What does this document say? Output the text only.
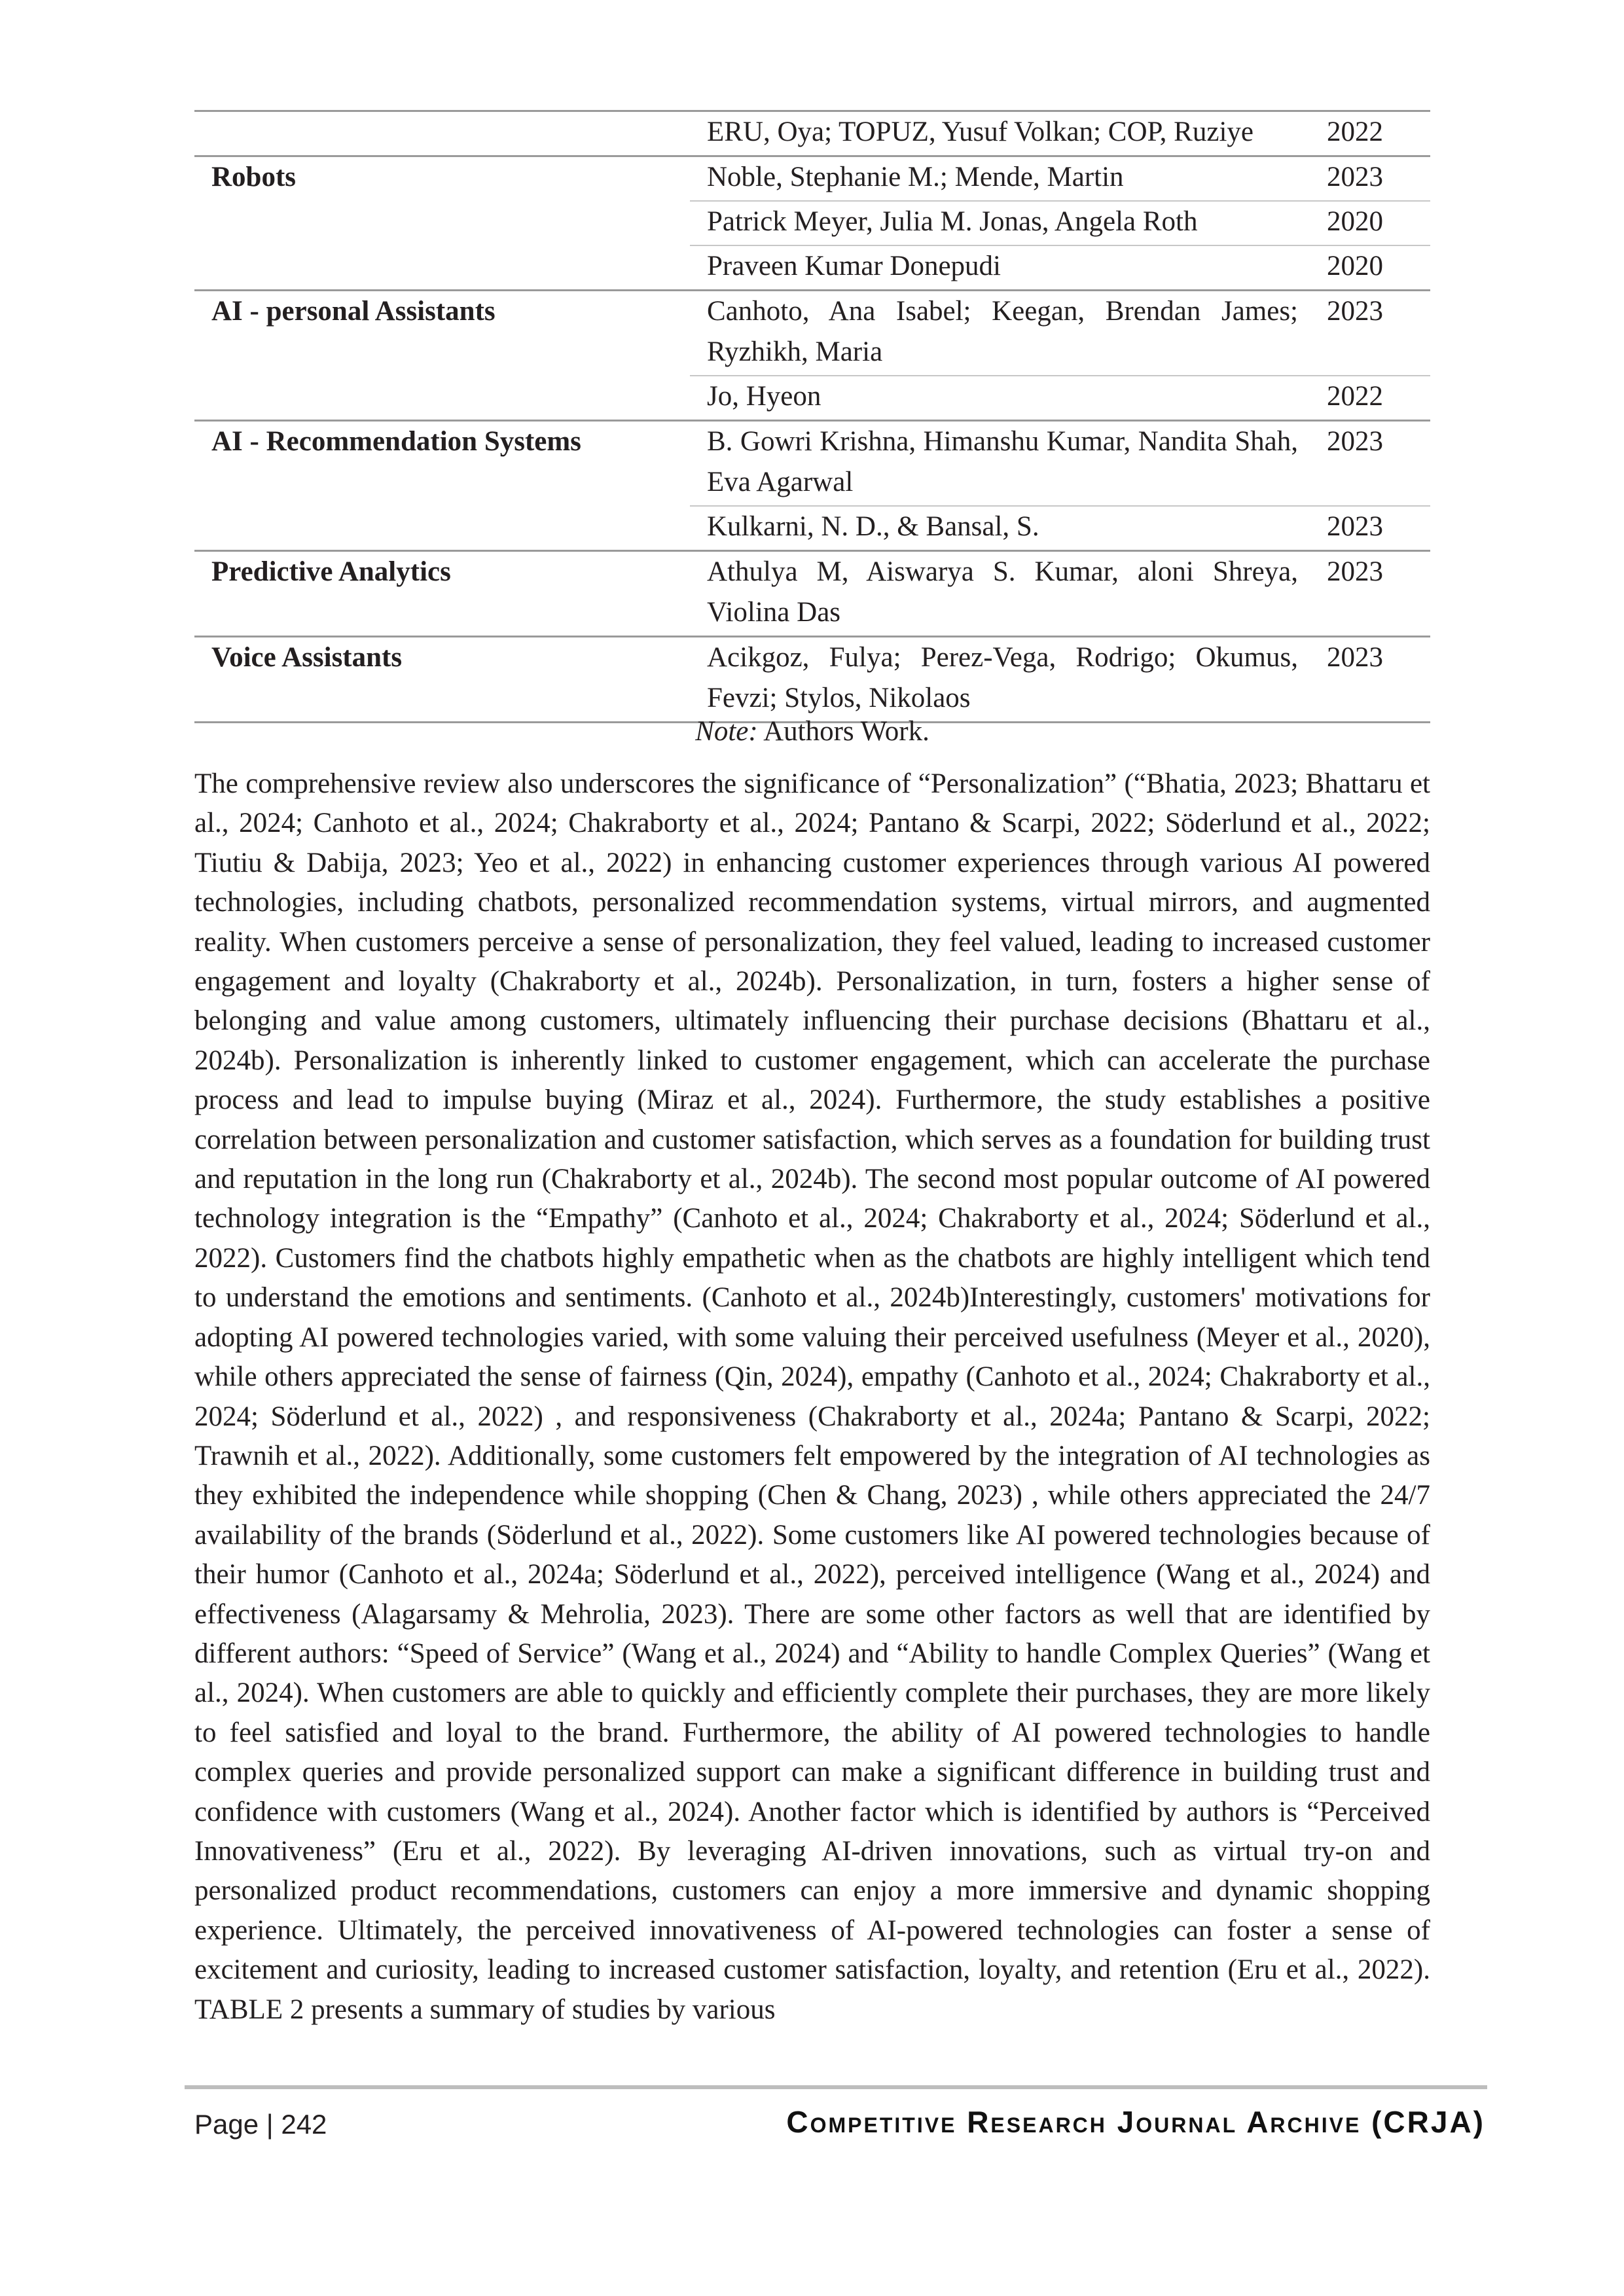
	ERU, Oya; TOPUZ, Yusuf Volkan; COP, Ruziye	2022
Robots	Noble, Stephanie M.; Mende, Martin	2023
	Patrick Meyer, Julia M. Jonas, Angela Roth	2020
	Praveen Kumar Donepudi	2020
AI - personal Assistants	Canhoto, Ana Isabel; Keegan, Brendan James; Ryzhikh, Maria	2023
	Jo, Hyeon	2022
AI - Recommendation Systems	B. Gowri Krishna, Himanshu Kumar, Nandita Shah, Eva Agarwal	2023
	Kulkarni, N. D., & Bansal, S.	2023
Predictive Analytics	Athulya M, Aiswarya S. Kumar, aloni Shreya, Violina Das	2023
Voice Assistants	Acikgoz, Fulya; Perez-Vega, Rodrigo; Okumus, Fevzi; Stylos, Nikolaos	2023
Note: Authors Work.

The comprehensive review also underscores the significance of “Personalization” (“Bhatia, 2023; Bhattaru et al., 2024; Canhoto et al., 2024; Chakraborty et al., 2024; Pantano & Scarpi, 2022; Söderlund et al., 2022; Tiutiu & Dabija, 2023; Yeo et al., 2022) in enhancing customer experiences through various AI powered technologies, including chatbots, personalized recommendation systems, virtual mirrors, and augmented reality. When customers perceive a sense of personalization, they feel valued, leading to increased customer engagement and loyalty (Chakraborty et al., 2024b). Personalization, in turn, fosters a higher sense of belonging and value among customers, ultimately influencing their purchase decisions (Bhattaru et al., 2024b). Personalization is inherently linked to customer engagement, which can accelerate the purchase process and lead to impulse buying (Miraz et al., 2024). Furthermore, the study establishes a positive correlation between personalization and customer satisfaction, which serves as a foundation for building trust and reputation in the long run (Chakraborty et al., 2024b). The second most popular outcome of AI powered technology integration is the “Empathy” (Canhoto et al., 2024; Chakraborty et al., 2024; Söderlund et al., 2022). Customers find the chatbots highly empathetic when as the chatbots are highly intelligent which tend to understand the emotions and sentiments. (Canhoto et al., 2024b)Interestingly, customers' motivations for adopting AI powered technologies varied, with some valuing their perceived usefulness (Meyer et al., 2020), while others appreciated the sense of fairness (Qin, 2024), empathy (Canhoto et al., 2024; Chakraborty et al., 2024; Söderlund et al., 2022) , and responsiveness (Chakraborty et al., 2024a; Pantano & Scarpi, 2022; Trawnih et al., 2022). Additionally, some customers felt empowered by the integration of AI technologies as they exhibited the independence while shopping (Chen & Chang, 2023) , while others appreciated the 24/7 availability of the brands (Söderlund et al., 2022). Some customers like AI powered technologies because of their humor (Canhoto et al., 2024a; Söderlund et al., 2022), perceived intelligence (Wang et al., 2024) and effectiveness (Alagarsamy & Mehrolia, 2023). There are some other factors as well that are identified by different authors: “Speed of Service” (Wang et al., 2024) and “Ability to handle Complex Queries” (Wang et al., 2024). When customers are able to quickly and efficiently complete their purchases, they are more likely to feel satisfied and loyal to the brand. Furthermore, the ability of AI powered technologies to handle complex queries and provide personalized support can make a significant difference in building trust and confidence with customers (Wang et al., 2024). Another factor which is identified by authors is “Perceived Innovativeness” (Eru et al., 2022). By leveraging AI-driven innovations, such as virtual try-on and personalized product recommendations, customers can enjoy a more immersive and dynamic shopping experience. Ultimately, the perceived innovativeness of AI-powered technologies can foster a sense of excitement and curiosity, leading to increased customer satisfaction, loyalty, and retention (Eru et al., 2022). TABLE 2 presents a summary of studies by various

Page | 242	Competitive Research Journal Archive (CRJA)
